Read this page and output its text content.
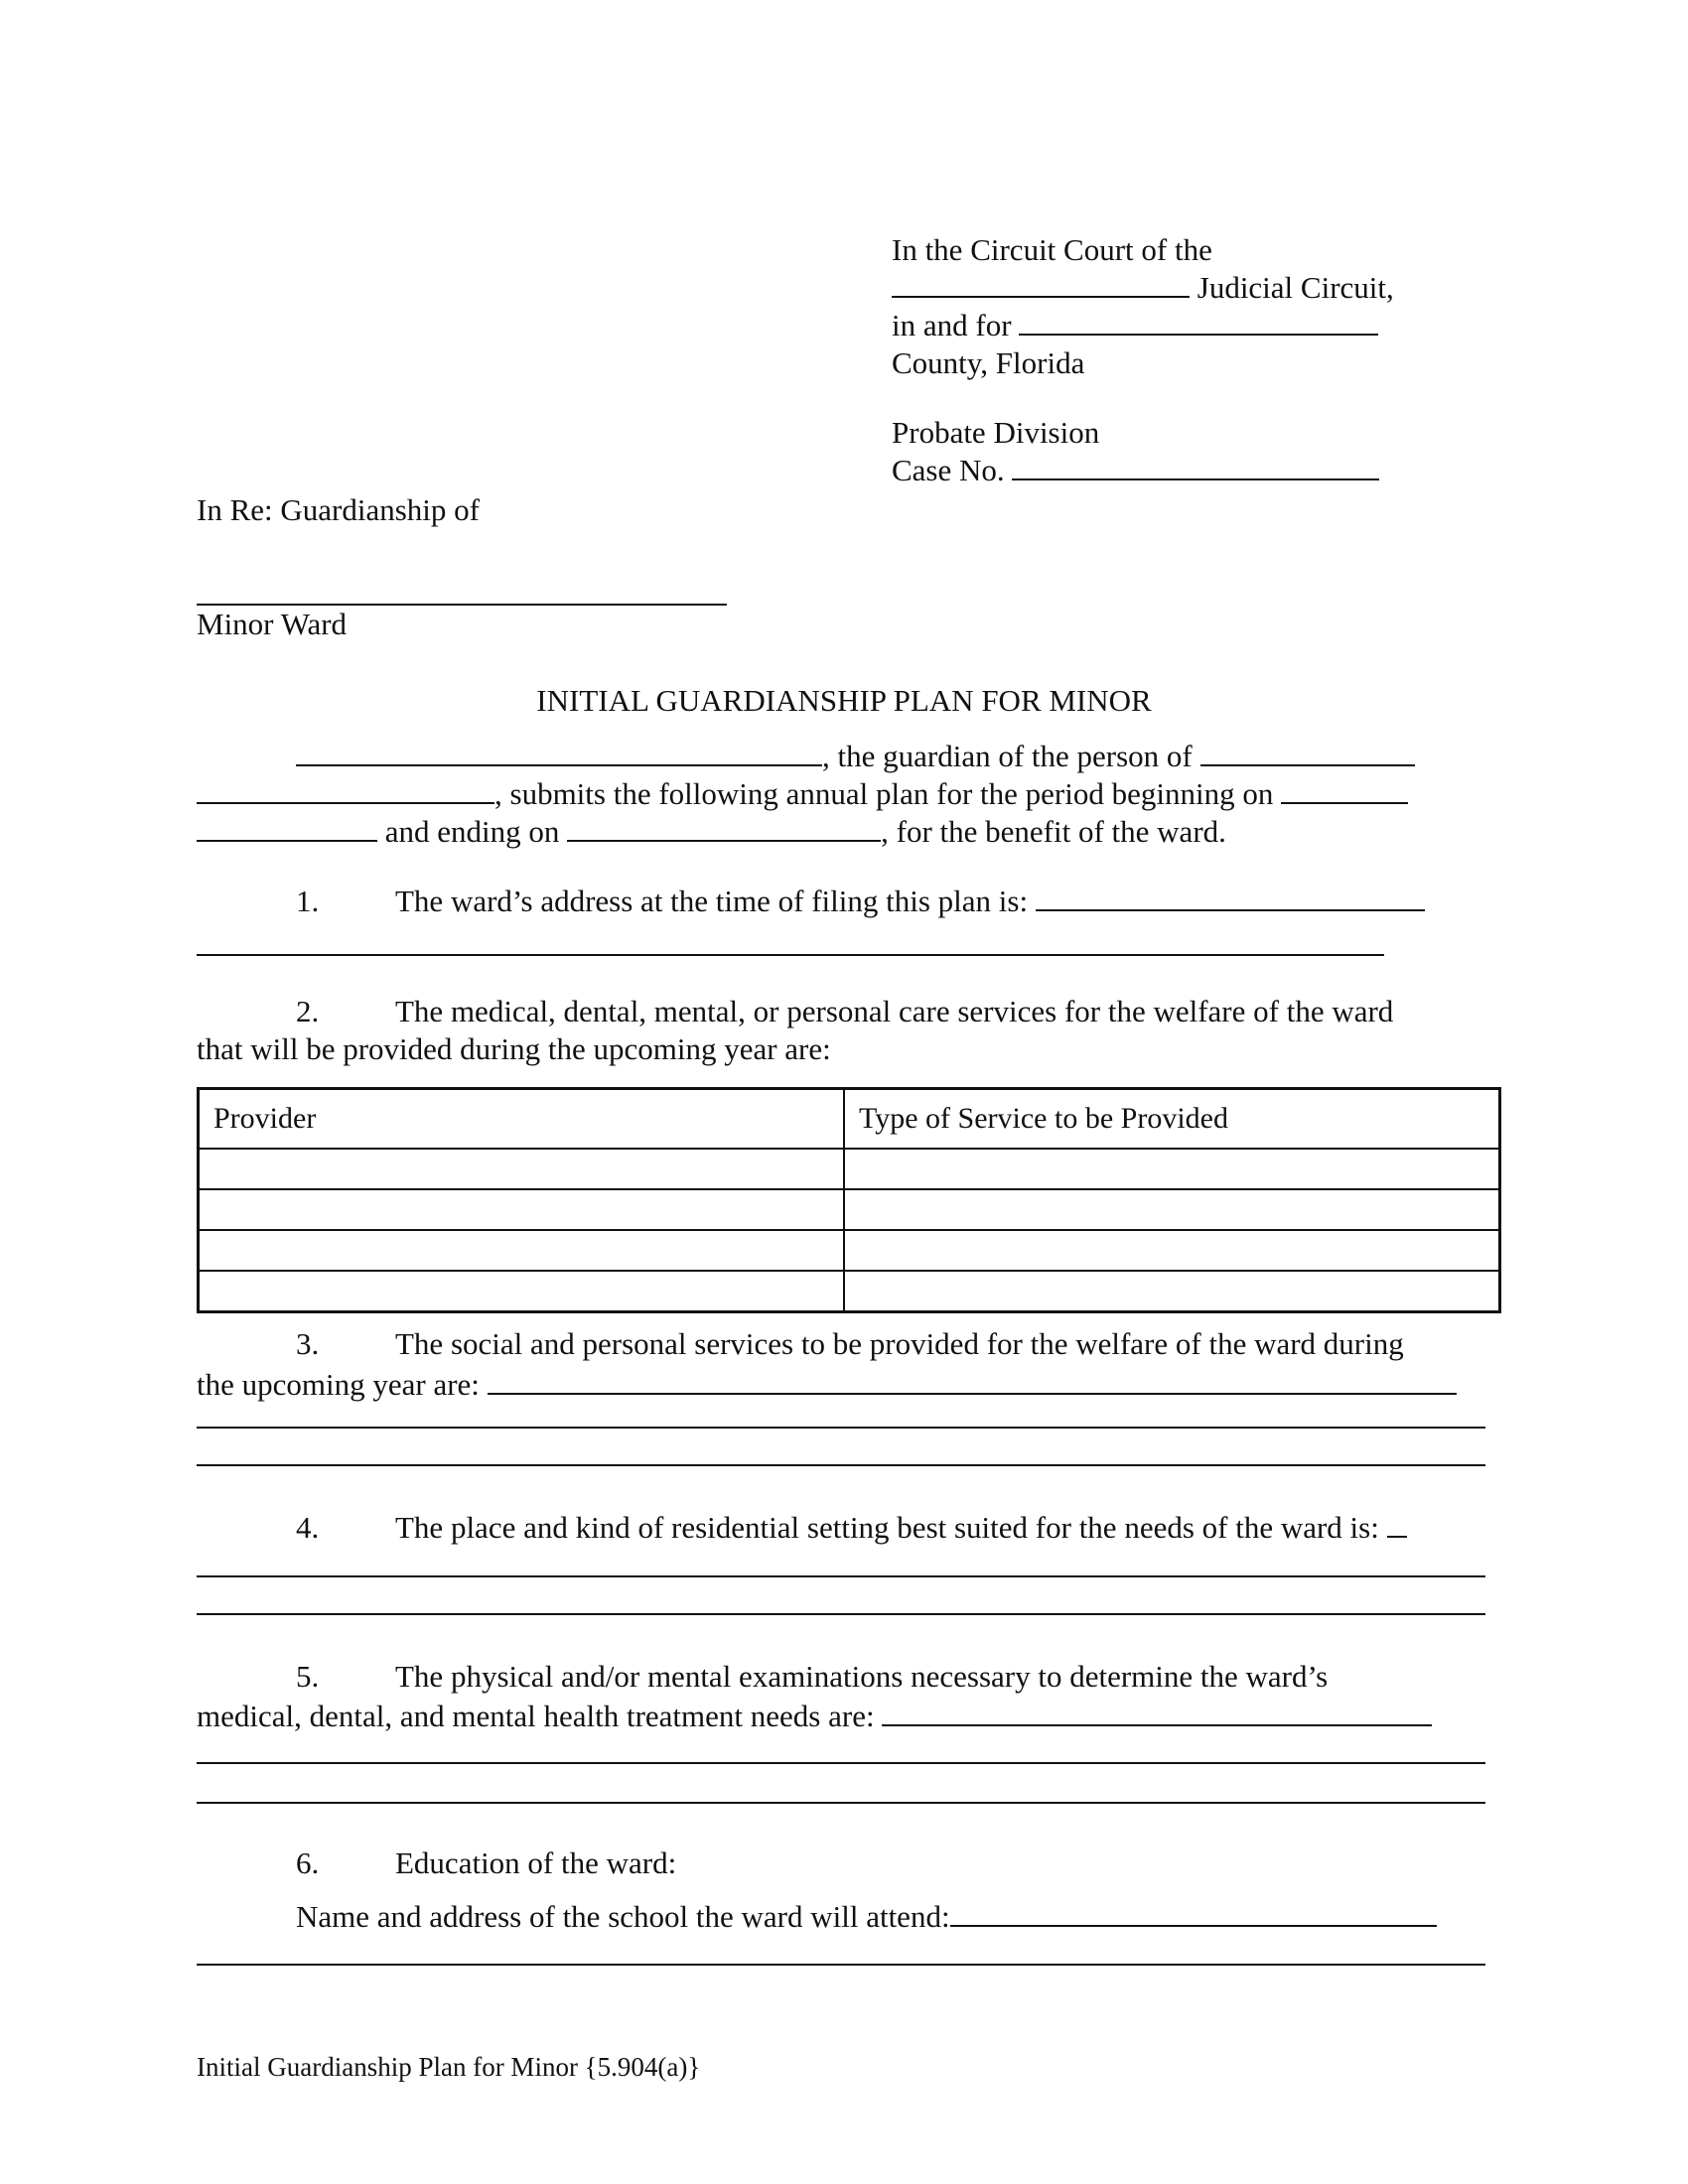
In the Circuit Court of the
Judicial Circuit,
in and for
County, Florida
Probate Division
Case No.
In Re: Guardianship of
Minor Ward
INITIAL GUARDIANSHIP PLAN FOR MINOR
, the guardian of the person of
, submits the following annual plan for the period beginning on
and ending on	, for the benefit of the ward.
1. The ward’s address at the time of filing this plan is:
2. The medical, dental, mental, or personal care services for the welfare of the ward
that will be provided during the upcoming year are:
Provider	Type of Service to be Provided

3. The social and personal services to be provided for the welfare of the ward during
the upcoming year are:
4. The place and kind of residential setting best suited for the needs of the ward is:
5. The physical and/or mental examinations necessary to determine the ward’s
medical, dental, and mental health treatment needs are:
6. Education of the ward:
Name and address of the school the ward will attend:
Initial Guardianship Plan for Minor {5.904(a)}
